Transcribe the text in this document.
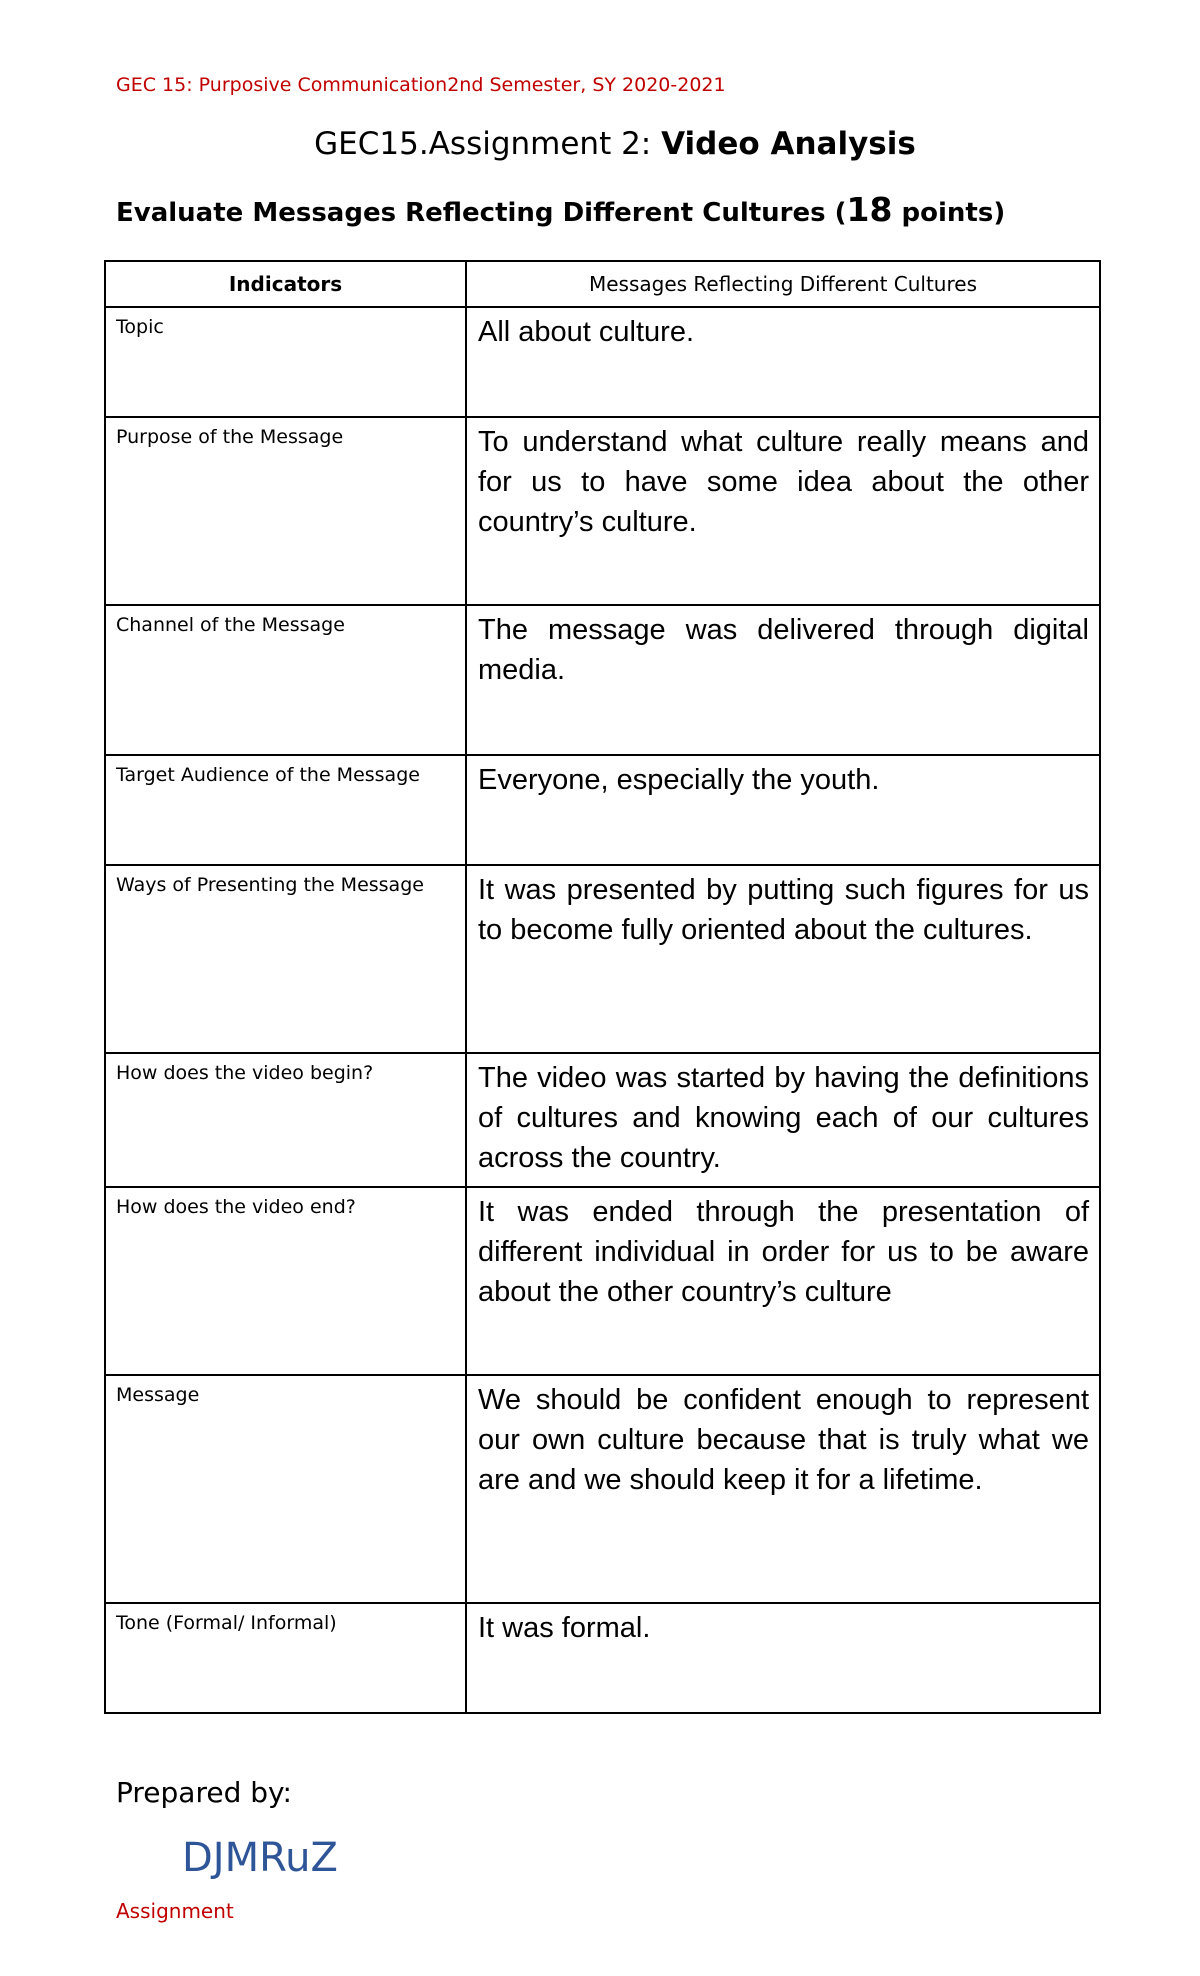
GEC 15: Purposive Communication2nd Semester, SY 2020-2021
GEC15.Assignment 2: Video Analysis
Evaluate Messages Reflecting Different Cultures (18 points)
Indicators	Messages Reflecting Different Cultures
Topic	All about culture.
Purpose of the Message	To understand what culture really means and for us to have some idea about the other country’s culture.
Channel of the Message	The message was delivered through digital media.
Target Audience of the Message	Everyone, especially the youth.
Ways of Presenting the Message	It was presented by putting such figures for us to become fully oriented about the cultures.
How does the video begin?	The video was started by having the definitions of cultures and knowing each of our cultures across the country.
How does the video end?	It was ended through the presentation of different individual in order for us to be aware about the other country’s culture
Message	We should be confident enough to represent our own culture because that is truly what we are and we should keep it for a lifetime.
Tone (Formal/ Informal)	It was formal.
Prepared by:
DJMRuZ
Assignment
